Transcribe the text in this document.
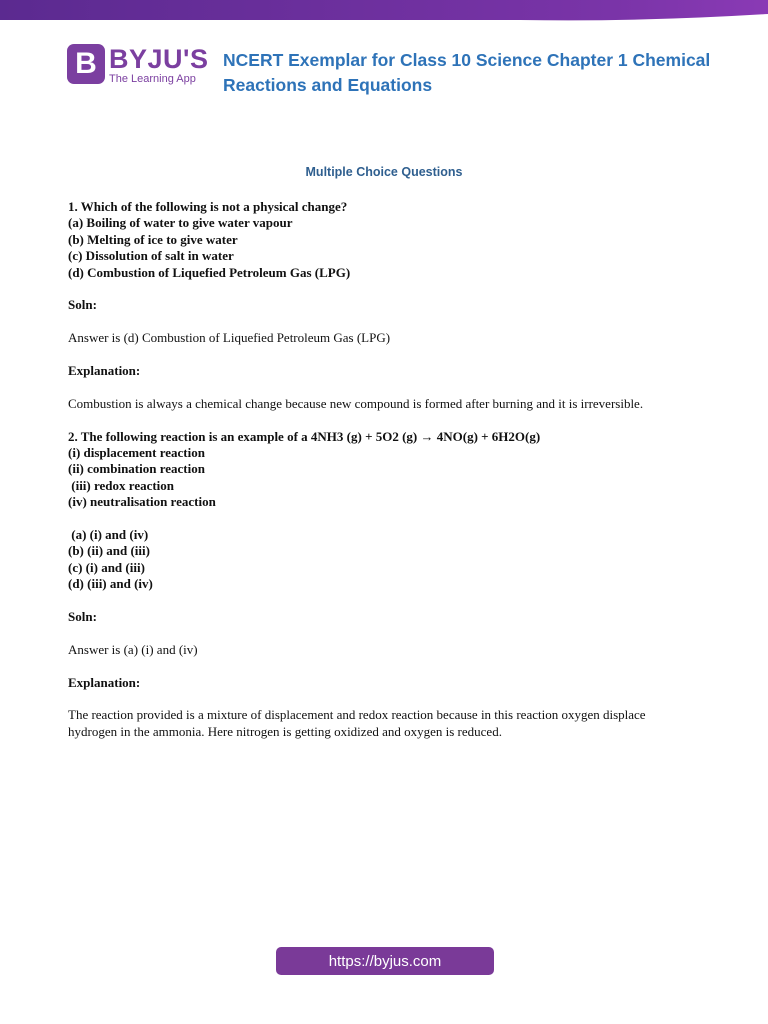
B BYJU'S
The Learning App
NCERT Exemplar for Class 10 Science Chapter 1 Chemical
Reactions and Equations
Multiple Choice Questions
1. Which of the following is not a physical change?
(a) Boiling of water to give water vapour
(b) Melting of ice to give water
(c) Dissolution of salt in water
(d) Combustion of Liquefied Petroleum Gas (LPG)
Soln:
Answer is (d) Combustion of Liquefied Petroleum Gas (LPG)
Explanation:
Combustion is always a chemical change because new compound is formed after burning and it is irreversible.
2. The following reaction is an example of a 4NH3 (g) + 5O2 (g) → 4NO(g) + 6H2O(g)
(i) displacement reaction
(ii) combination reaction
(iii) redox reaction
(iv) neutralisation reaction
(a) (i) and (iv)
(b) (ii) and (iii)
(c) (i) and (iii)
(d) (iii) and (iv)
Soln:
Answer is (a) (i) and (iv)
Explanation:
The reaction provided is a mixture of displacement and redox reaction because in this reaction oxygen displace
hydrogen in the ammonia. Here nitrogen is getting oxidized and oxygen is reduced.
https://byjus.com
